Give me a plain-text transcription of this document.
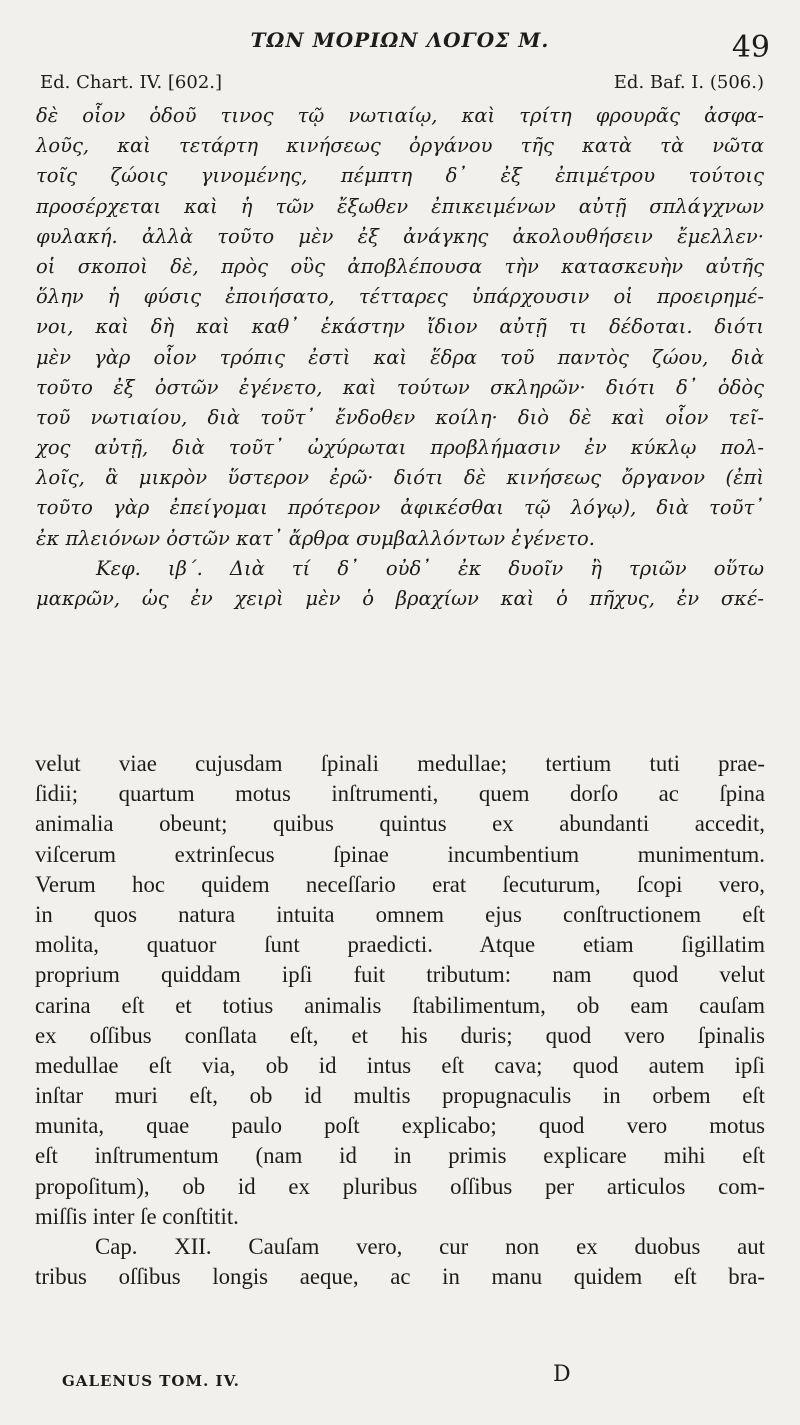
ΤΩΝ ΜΟΡΙΩΝ ΛΟΓΟΣ Μ.	49
Ed. Chart. IV. [602.]	Ed. Baf. I. (506.)
δὲ οἷον ὁδοῦ τινος τῷ νωτιαίῳ, καὶ τρίτη φρουρᾶς ἀσφα-
λοῦς, καὶ τετάρτη κινήσεως ὀργάνου τῆς κατὰ τὰ νῶτα
τοῖς ζώοις γινομένης, πέμπτη δ᾽ ἐξ ἐπιμέτρου τούτοις
προσέρχεται καὶ ἡ τῶν ἔξωθεν ἐπικειμένων αὐτῇ σπλάγχνων
φυλακή. ἀλλὰ τοῦτο μὲν ἐξ ἀνάγκης ἀκολουθήσειν ἔμελλεν·
οἱ σκοποὶ δὲ, πρὸς οὓς ἀποβλέπουσα τὴν κατασκευὴν αὐτῆς
ὅλην ἡ φύσις ἐποιήσατο, τέτταρες ὑπάρχουσιν οἱ προειρημέ-
νοι, καὶ δὴ καὶ καθ᾽ ἑκάστην ἴδιον αὐτῇ τι δέδοται. διότι
μὲν γὰρ οἷον τρόπις ἐστὶ καὶ ἕδρα τοῦ παντὸς ζώου, διὰ
τοῦτο ἐξ ὀστῶν ἐγένετο, καὶ τούτων σκληρῶν· διότι δ᾽ ὁδὸς
τοῦ νωτιαίου, διὰ τοῦτ᾽ ἔνδοθεν κοίλη· διὸ δὲ καὶ οἷον τεῖ-
χος αὐτῇ, διὰ τοῦτ᾽ ὠχύρωται προβλήμασιν ἐν κύκλῳ πολ-
λοῖς, ἃ μικρὸν ὕστερον ἐρῶ· διότι δὲ κινήσεως ὄργανον (ἐπὶ
τοῦτο γὰρ ἐπείγομαι πρότερον ἀφικέσθαι τῷ λόγῳ), διὰ τοῦτ᾽
ἐκ πλειόνων ὀστῶν κατ᾽ ἄρθρα συμβαλλόντων ἐγένετο.
Κεφ. ιβ΄. Διὰ τί δ᾽ οὐδ᾽ ἐκ δυοῖν ἢ τριῶν οὕτω
μακρῶν, ὡς ἐν χειρὶ μὲν ὁ βραχίων καὶ ὁ πῆχυς, ἐν σκέ-
velut viae cujusdam ſpinali medullae; tertium tuti prae-
ſidii; quartum motus inſtrumenti, quem dorſo ac ſpina
animalia obeunt; quibus quintus ex abundanti accedit,
viſcerum extrinſecus ſpinae incumbentium munimentum.
Verum hoc quidem neceſſario erat ſecuturum, ſcopi vero,
in quos natura intuita omnem ejus conſtructionem eſt
molita, quatuor ſunt praedicti. Atque etiam ſigillatim
proprium quiddam ipſi fuit tributum: nam quod velut
carina eſt et totius animalis ſtabilimentum, ob eam cauſam
ex oſſibus conſlata eſt, et his duris; quod vero ſpinalis
medullae eſt via, ob id intus eſt cava; quod autem ipſi
inſtar muri eſt, ob id multis propugnaculis in orbem eſt
munita, quae paulo poſt explicabo; quod vero motus
eſt inſtrumentum (nam id in primis explicare mihi eſt
propoſitum), ob id ex pluribus oſſibus per articulos com-
miſſis inter ſe conſtitit.
Cap. XII. Cauſam vero, cur non ex duobus aut
tribus oſſibus longis aeque, ac in manu quidem eſt bra-
GALENUS TOM. IV.	D
